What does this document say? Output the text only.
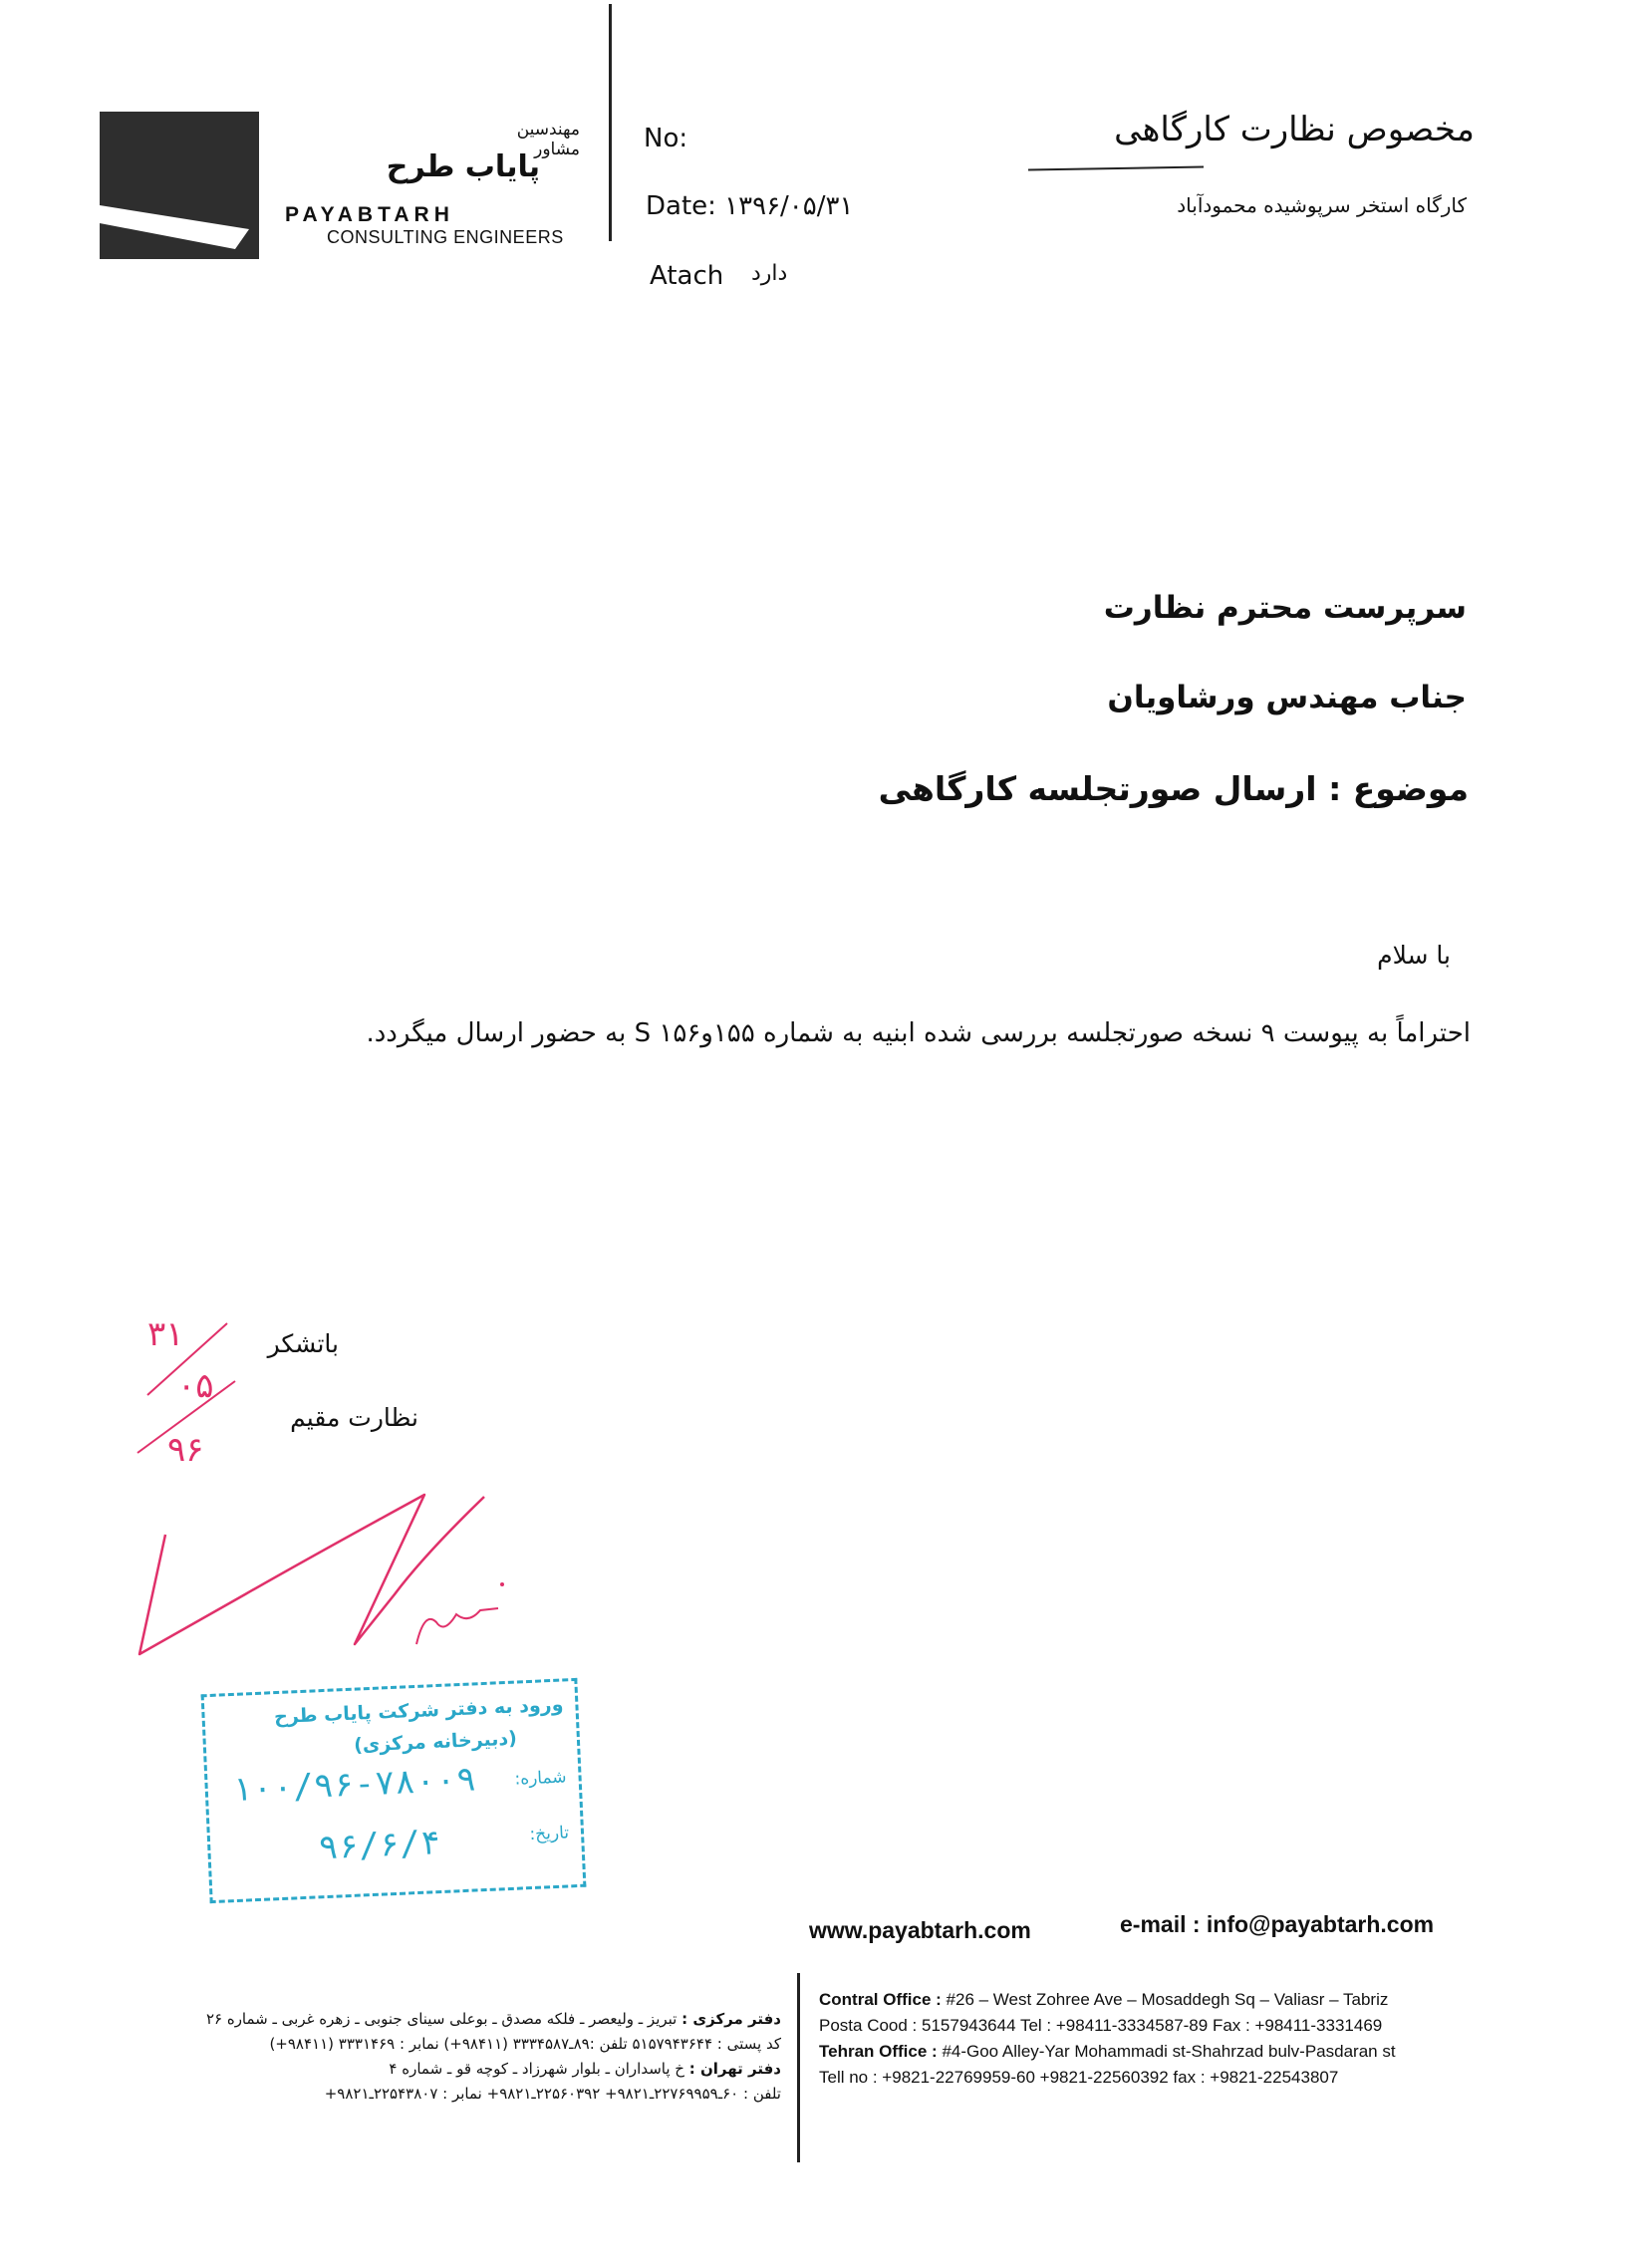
مهندسین مشاور
پایاب طرح
PAYABTARH
CONSULTING ENGINEERS
No:
Date: ۱۳۹۶/۰۵/۳۱
Atach دارد
مخصوص نظارت کارگاهی
کارگاه استخر سرپوشیده محمودآباد
سرپرست محترم نظارت
جناب مهندس ورشاویان
موضوع : ارسال صورتجلسه کارگاهی
با سلام
احتراماً به پیوست ۹ نسخه صورتجلسه بررسی شده ابنیه به شماره ۱۵۵و۱۵۶ S به حضور ارسال میگردد.
باتشکر
نظارت مقیم
۳۱
۰۵
۹۶
ورود به دفتر شرکت پایاب طرح
(دبیرخانه مرکزی)
شماره:
۱۰۰/۹۶-۷۸۰۰۹
تاریخ:
۹۶/۶/۴
www.payabtarh.com	e-mail : info@payabtarh.com
Contral Office : #26 – West Zohree Ave – Mosaddegh Sq – Valiasr – Tabriz
Posta Cood : 5157943644 Tel : +98411-3334587-89 Fax : +98411-3331469
Tehran Office : #4-Goo Alley-Yar Mohammadi st-Shahrzad bulv-Pasdaran st
Tell no : +9821-22769959-60 +9821-22560392 fax : +9821-22543807
دفتر مرکزی : تبریز ـ ولیعصر ـ فلکه مصدق ـ بوعلی سینای جنوبی ـ زهره غربی ـ شماره ۲۶
کد پستی : ۵۱۵۷۹۴۳۶۴۴ تلفن :۸۹ـ۳۳۳۴۵۸۷ (۹۸۴۱۱+) نمابر : ۳۳۳۱۴۶۹ (۹۸۴۱۱+)
دفتر تهران : خ پاسداران ـ بلوار شهرزاد ـ کوچه قو ـ شماره ۴
تلفن : ۶۰ـ۲۲۷۶۹۹۵۹ـ۹۸۲۱+ ۲۲۵۶۰۳۹۲ـ۹۸۲۱+ نمابر : ۲۲۵۴۳۸۰۷ـ۹۸۲۱+
